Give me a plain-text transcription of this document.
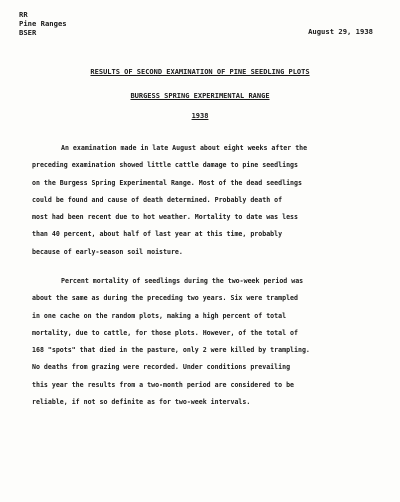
RR
Pine Ranges
BSER	August 29, 1938
RESULTS OF SECOND EXAMINATION OF PINE SEEDLING PLOTS
BURGESS SPRING EXPERIMENTAL RANGE
1938
An examination made in late August about eight weeks after the
preceding examination showed little cattle damage to pine seedlings
on the Burgess Spring Experimental Range. Most of the dead seedlings
could be found and cause of death determined. Probably death of
most had been recent due to hot weather. Mortality to date was less
than 40 percent, about half of last year at this time, probably
because of early-season soil moisture.
Percent mortality of seedlings during the two-week period was
about the same as during the preceding two years. Six were trampled
in one cache on the random plots, making a high percent of total
mortality, due to cattle, for those plots. However, of the total of
168 "spots" that died in the pasture, only 2 were killed by trampling.
No deaths from grazing were recorded. Under conditions prevailing
this year the results from a two-month period are considered to be
reliable, if not so definite as for two-week intervals.
